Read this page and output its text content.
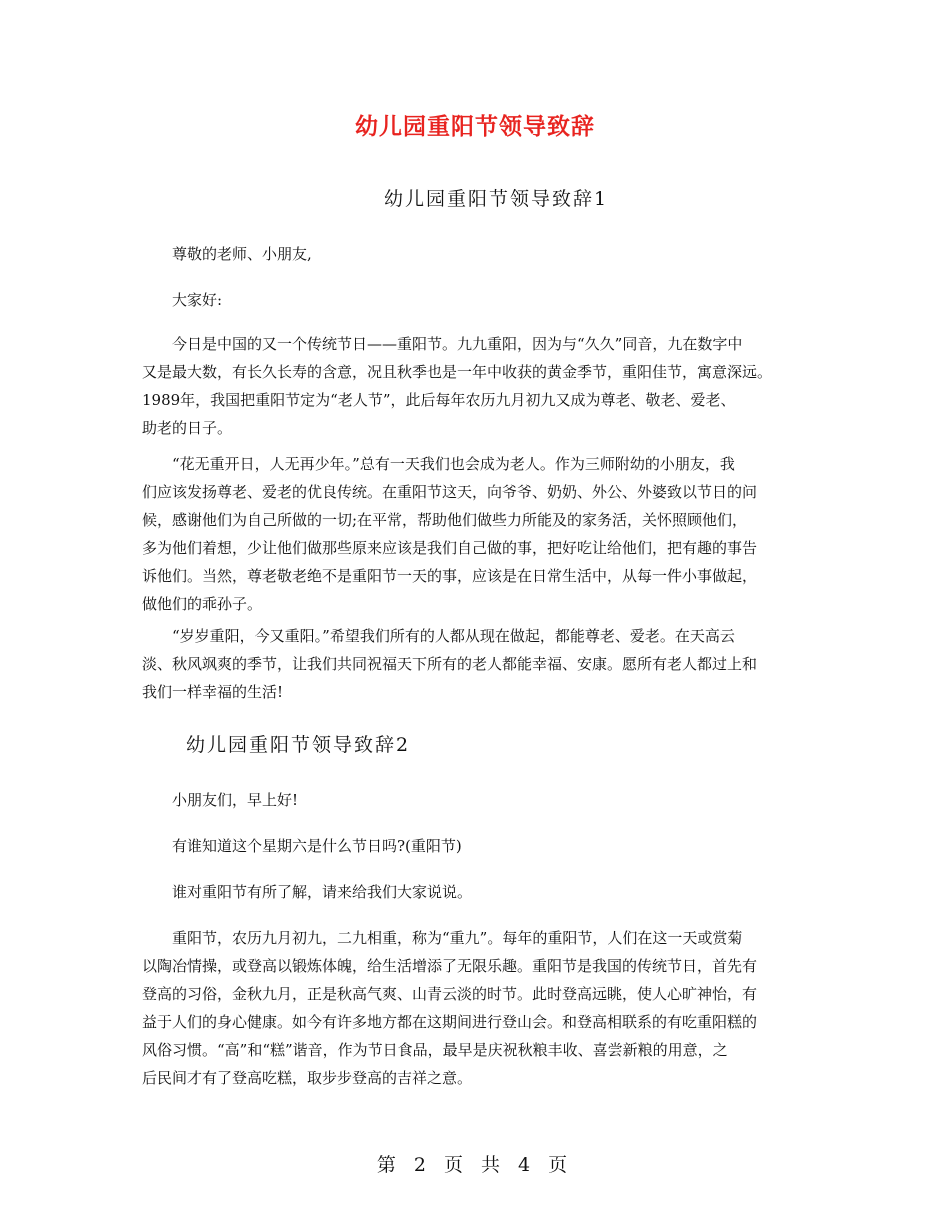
幼儿园重阳节领导致辞
幼儿园重阳节领导致辞1

尊敬的老师、小朋友,

大家好:

今日是中国的又一个传统节日——重阳节。九九重阳，因为与“久久”同音，九在数字中
又是最大数，有长久长寿的含意，况且秋季也是一年中收获的黄金季节，重阳佳节，寓意深远。
1989年，我国把重阳节定为“老人节”，此后每年农历九月初九又成为尊老、敬老、爱老、
助老的日子。

“花无重开日，人无再少年。”总有一天我们也会成为老人。作为三师附幼的小朋友，我
们应该发扬尊老、爱老的优良传统。在重阳节这天，向爷爷、奶奶、外公、外婆致以节日的问
候，感谢他们为自己所做的一切;在平常，帮助他们做些力所能及的家务活，关怀照顾他们，
多为他们着想，少让他们做那些原来应该是我们自己做的事，把好吃让给他们，把有趣的事告
诉他们。当然，尊老敬老绝不是重阳节一天的事，应该是在日常生活中，从每一件小事做起，
做他们的乖孙子。

“岁岁重阳，今又重阳。”希望我们所有的人都从现在做起，都能尊老、爱老。在天高云
淡、秋风飒爽的季节，让我们共同祝福天下所有的老人都能幸福、安康。愿所有老人都过上和
我们一样幸福的生活!

幼儿园重阳节领导致辞2

小朋友们，早上好!

有谁知道这个星期六是什么节日吗?(重阳节)

谁对重阳节有所了解，请来给我们大家说说。

重阳节，农历九月初九，二九相重，称为“重九”。每年的重阳节，人们在这一天或赏菊
以陶冶情操，或登高以锻炼体魄，给生活增添了无限乐趣。重阳节是我国的传统节日，首先有
登高的习俗，金秋九月，正是秋高气爽、山青云淡的时节。此时登高远眺，使人心旷神怡，有
益于人们的身心健康。如今有许多地方都在这期间进行登山会。和登高相联系的有吃重阳糕的
风俗习惯。“高”和“糕”谐音，作为节日食品，最早是庆祝秋粮丰收、喜尝新粮的用意，之
后民间才有了登高吃糕，取步步登高的吉祥之意。

第 2 页 共 4 页
